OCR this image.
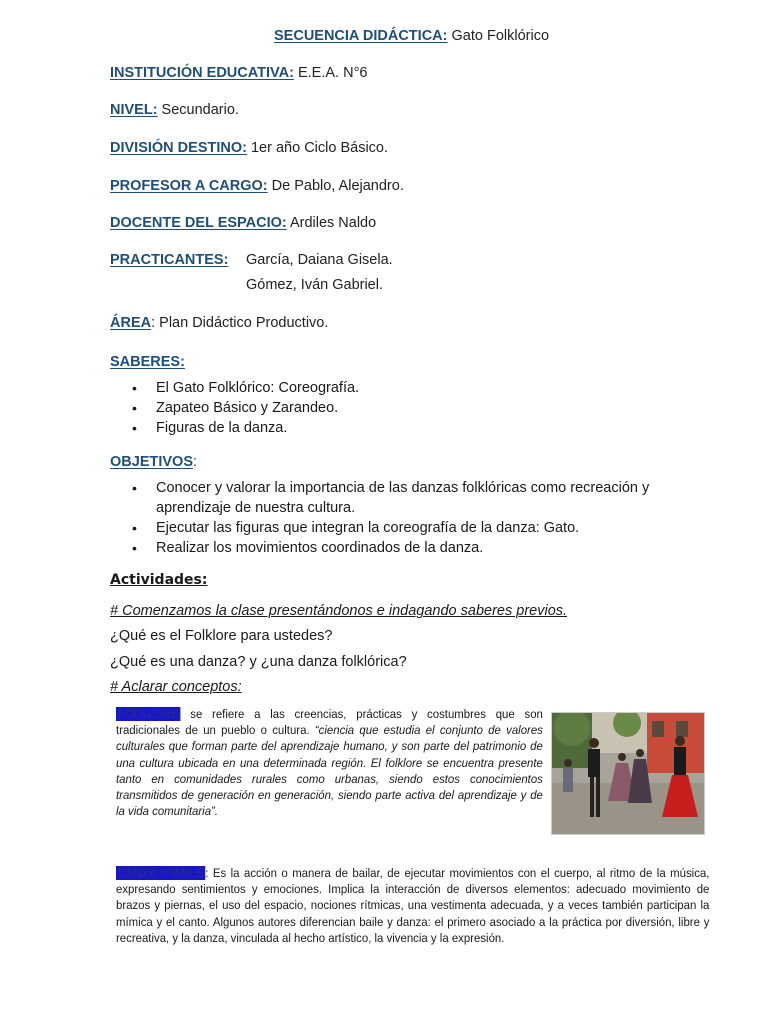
SECUENCIA DIDÁCTICA: Gato Folklórico
INSTITUCIÓN EDUCATIVA: E.E.A. N°6
NIVEL: Secundario.
DIVISIÓN DESTINO: 1er año Ciclo Básico.
PROFESOR A CARGO: De Pablo, Alejandro.
DOCENTE DEL ESPACIO: Ardiles Naldo
PRACTICANTES: García, Daiana Gisela.
Gómez, Iván Gabriel.
ÁREA: Plan Didáctico Productivo.
SABERES:
• El Gato Folklórico: Coreografía.
• Zapateo Básico y Zarandeo.
• Figuras de la danza.
OBJETIVOS:
• Conocer y valorar la importancia de las danzas folklóricas como recreación y aprendizaje de nuestra cultura.
• Ejecutar las figuras que integran la coreografía de la danza: Gato.
• Realizar los movimientos coordinados de la danza.
Actividades:
# Comenzamos la clase presentándonos e indagando saberes previos.
¿Qué es el Folklore para ustedes?
¿Qué es una danza? y ¿una danza folklórica?
# Aclarar conceptos:
FOLKLORE se refiere a las creencias, prácticas y costumbres que son tradicionales de un pueblo o cultura. “ciencia que estudia el conjunto de valores culturales que forman parte del aprendizaje humano, y son parte del patrimonio de una cultura ubicada en una determinada región. El folklore se encuentra presente tanto en comunidades rurales como urbanas, siendo estos conocimientos transmitidos de generación en generación, siendo parte activa del aprendizaje y de la vida comunitaria”.
DANZA o BAILE : Es la acción o manera de bailar, de ejecutar movimientos con el cuerpo, al ritmo de la música, expresando sentimientos y emociones. Implica la interacción de diversos elementos: adecuado movimiento de brazos y piernas, el uso del espacio, nociones rítmicas, una vestimenta adecuada, y a veces también participan la mímica y el canto. Algunos autores diferencian baile y danza: el primero asociado a la práctica por diversión, libre y recreativa, y la danza, vinculada al hecho artístico, la vivencia y la expresión.
